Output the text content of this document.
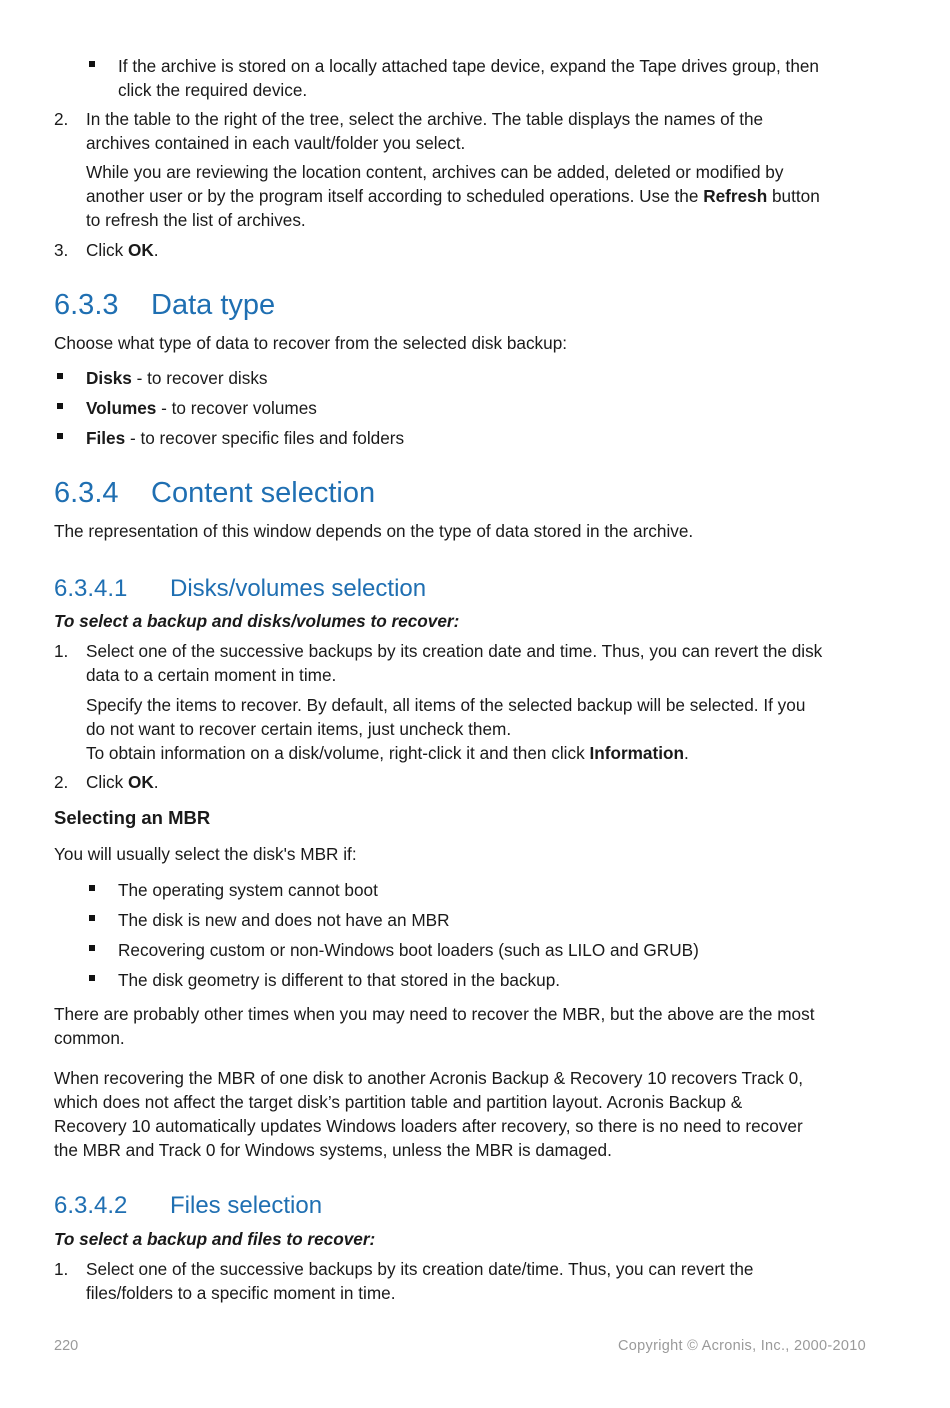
If the archive is stored on a locally attached tape device, expand the Tape drives group, then
click the required device.
2. In the table to the right of the tree, select the archive. The table displays the names of the
archives contained in each vault/folder you select.
While you are reviewing the location content, archives can be added, deleted or modified by
another user or by the program itself according to scheduled operations. Use the Refresh button
to refresh the list of archives.
3. Click OK.
6.3.3 Data type
Choose what type of data to recover from the selected disk backup:
Disks - to recover disks
Volumes - to recover volumes
Files - to recover specific files and folders
6.3.4 Content selection
The representation of this window depends on the type of data stored in the archive.
6.3.4.1 Disks/volumes selection
To select a backup and disks/volumes to recover:
1. Select one of the successive backups by its creation date and time. Thus, you can revert the disk
data to a certain moment in time.
Specify the items to recover. By default, all items of the selected backup will be selected. If you
do not want to recover certain items, just uncheck them.
To obtain information on a disk/volume, right-click it and then click Information.
2. Click OK.
Selecting an MBR
You will usually select the disk's MBR if:
The operating system cannot boot
The disk is new and does not have an MBR
Recovering custom or non-Windows boot loaders (such as LILO and GRUB)
The disk geometry is different to that stored in the backup.
There are probably other times when you may need to recover the MBR, but the above are the most
common.
When recovering the MBR of one disk to another Acronis Backup & Recovery 10 recovers Track 0,
which does not affect the target disk’s partition table and partition layout. Acronis Backup &
Recovery 10 automatically updates Windows loaders after recovery, so there is no need to recover
the MBR and Track 0 for Windows systems, unless the MBR is damaged.
6.3.4.2 Files selection
To select a backup and files to recover:
1. Select one of the successive backups by its creation date/time. Thus, you can revert the
files/folders to a specific moment in time.
220	Copyright © Acronis, Inc., 2000-2010
